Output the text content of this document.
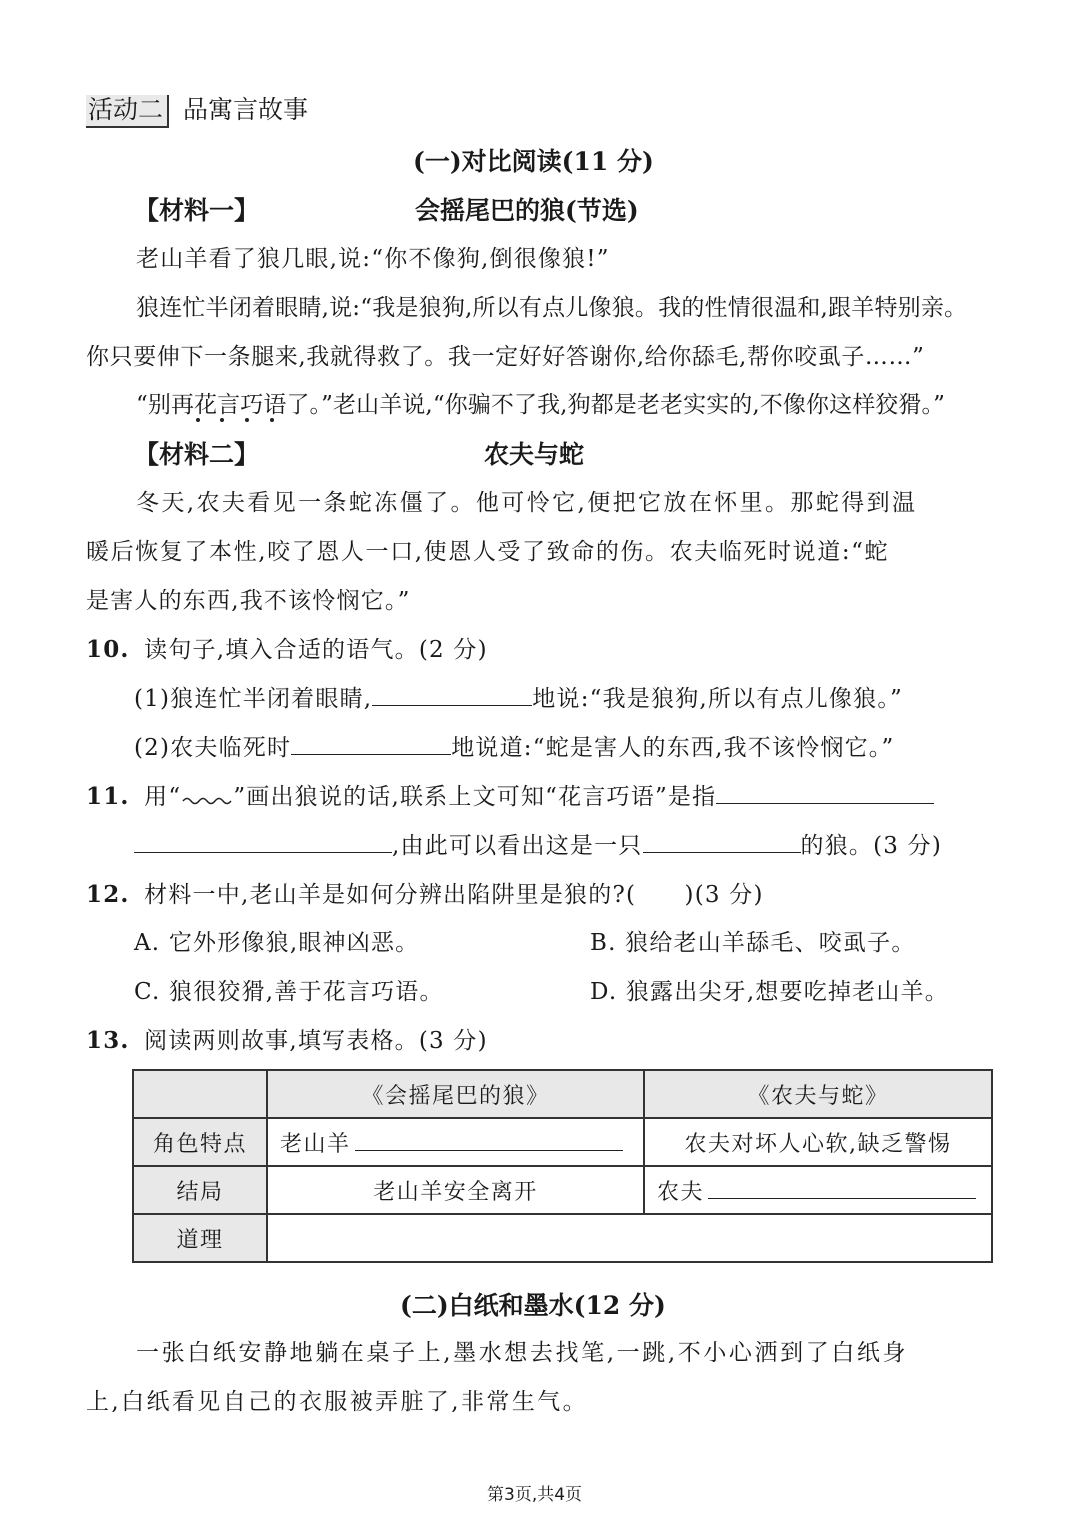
活动二 品寓言故事
(一)对比阅读(11 分)
【材料一】	会摇尾巴的狼(节选)
老山羊看了狼几眼,说:“你不像狗,倒很像狼!”
狼连忙半闭着眼睛,说:“我是狼狗,所以有点儿像狼。我的性情很温和,跟羊特别亲。
你只要伸下一条腿来,我就得救了。我一定好好答谢你,给你舔毛,帮你咬虱子……”
“别再花言巧语了。”老山羊说,“你骗不了我,狗都是老老实实的,不像你这样狡猾。”
【材料二】	农夫与蛇
冬天,农夫看见一条蛇冻僵了。他可怜它,便把它放在怀里。那蛇得到温
暖后恢复了本性,咬了恩人一口,使恩人受了致命的伤。农夫临死时说道:“蛇
是害人的东西,我不该怜悯它。”
10. 读句子,填入合适的语气。(2 分)
(1)狼连忙半闭着眼睛,	地说:“我是狼狗,所以有点儿像狼。”
(2)农夫临死时	地说道:“蛇是害人的东西,我不该怜悯它。”
11. 用“ ”画出狼说的话,联系上文可知“花言巧语”是指
,由此可以看出这是一只	的狼。(3 分)
12. 材料一中,老山羊是如何分辨出陷阱里是狼的?(　　)(3 分)
A. 它外形像狼,眼神凶恶。	B. 狼给老山羊舔毛、咬虱子。
C. 狼很狡猾,善于花言巧语。	D. 狼露出尖牙,想要吃掉老山羊。
13. 阅读两则故事,填写表格。(3 分)
	《会摇尾巴的狼》	《农夫与蛇》
角色特点	老山羊	农夫对坏人心软,缺乏警惕
结局	老山羊安全离开	农夫
道理		
(二)白纸和墨水(12 分)
一张白纸安静地躺在桌子上,墨水想去找笔,一跳,不小心洒到了白纸身
上,白纸看见自己的衣服被弄脏了,非常生气。
第3页,共4页
